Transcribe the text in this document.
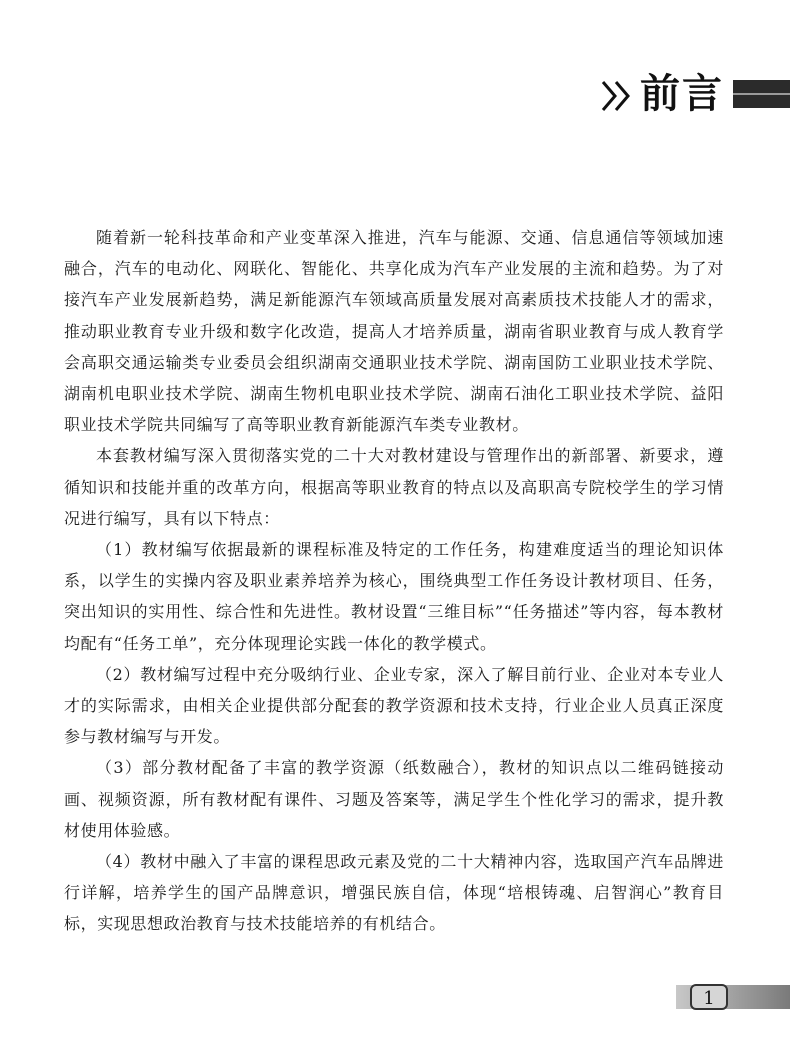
前言

随着新一轮科技革命和产业变革深入推进，汽车与能源、交通、信息通信等领域加速融合，汽车的电动化、网联化、智能化、共享化成为汽车产业发展的主流和趋势。为了对接汽车产业发展新趋势，满足新能源汽车领域高质量发展对高素质技术技能人才的需求，推动职业教育专业升级和数字化改造，提高人才培养质量，湖南省职业教育与成人教育学会高职交通运输类专业委员会组织湖南交通职业技术学院、湖南国防工业职业技术学院、湖南机电职业技术学院、湖南生物机电职业技术学院、湖南石油化工职业技术学院、益阳职业技术学院共同编写了高等职业教育新能源汽车类专业教材。

本套教材编写深入贯彻落实党的二十大对教材建设与管理作出的新部署、新要求，遵循知识和技能并重的改革方向，根据高等职业教育的特点以及高职高专院校学生的学习情况进行编写，具有以下特点：

（1）教材编写依据最新的课程标准及特定的工作任务，构建难度适当的理论知识体系，以学生的实操内容及职业素养培养为核心，围绕典型工作任务设计教材项目、任务，突出知识的实用性、综合性和先进性。教材设置“三维目标”“任务描述”等内容，每本教材均配有“任务工单”，充分体现理论实践一体化的教学模式。

（2）教材编写过程中充分吸纳行业、企业专家，深入了解目前行业、企业对本专业人才的实际需求，由相关企业提供部分配套的教学资源和技术支持，行业企业人员真正深度参与教材编写与开发。

（3）部分教材配备了丰富的教学资源（纸数融合），教材的知识点以二维码链接动画、视频资源，所有教材配有课件、习题及答案等，满足学生个性化学习的需求，提升教材使用体验感。

（4）教材中融入了丰富的课程思政元素及党的二十大精神内容，选取国产汽车品牌进行详解，培养学生的国产品牌意识，增强民族自信，体现“培根铸魂、启智润心”教育目标，实现思想政治教育与技术技能培养的有机结合。

1
